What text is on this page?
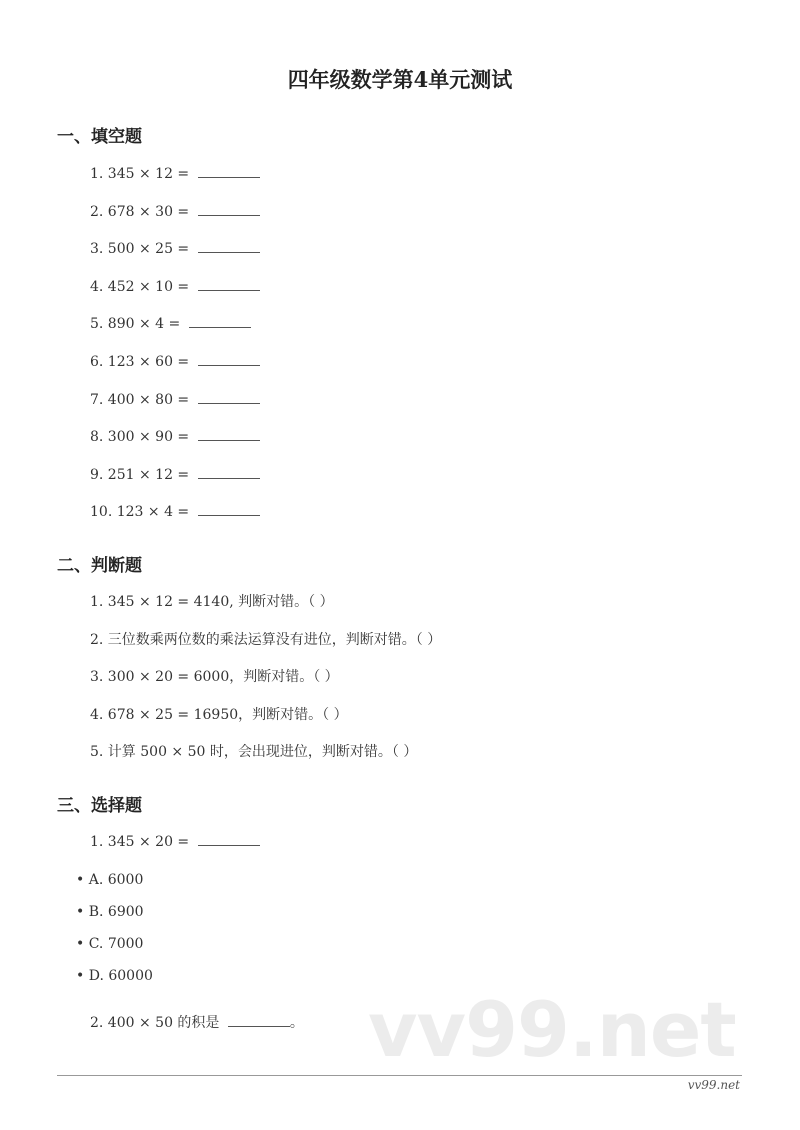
四年级数学第4单元测试
一、填空题
1. 345 × 12 =
2. 678 × 30 =
3. 500 × 25 =
4. 452 × 10 =
5. 890 × 4 =
6. 123 × 60 =
7. 400 × 80 =
8. 300 × 90 =
9. 251 × 12 =
10. 123 × 4 =
二、判断题
1. 345 × 12 = 4140, 判断对错。（ ）
2. 三位数乘两位数的乘法运算没有进位，判断对错。（ ）
3. 300 × 20 = 6000，判断对错。（ ）
4. 678 × 25 = 16950，判断对错。（ ）
5. 计算 500 × 50 时，会出现进位，判断对错。（ ）
三、选择题
1. 345 × 20 =
• A. 6000
• B. 6900
• C. 7000
• D. 60000
2. 400 × 50 的积是	。 vv99.net
vv99.net
